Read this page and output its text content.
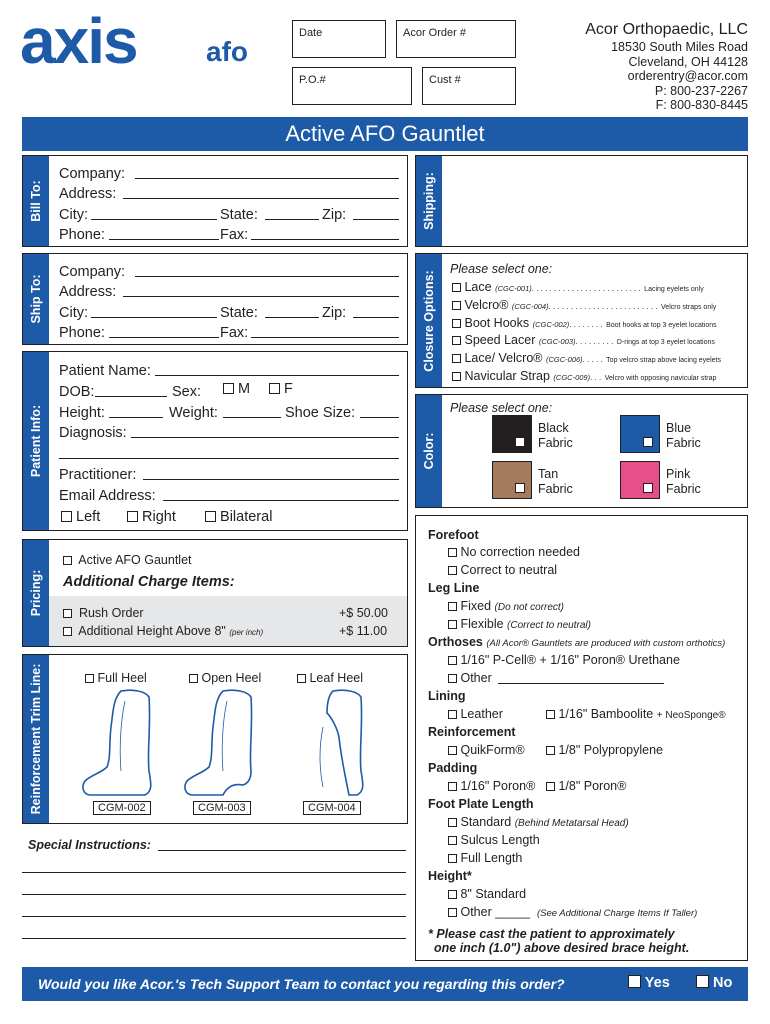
axis afo
Date	Acor Order #
P.O.#	Cust #
Acor Orthopaedic, LLC
18530 South Miles Road
Cleveland, OH 44128
orderentry@acor.com
P: 800-237-2267
F: 800-830-8445
Active AFO Gauntlet
Bill To:
Company:
Address:
City:	State:	Zip:
Phone:	Fax:
Shipping:
Ship To:
Company:
Address:
City:	State:	Zip:
Phone:	Fax:	Closure Options:
Please select one:
Lace (CGC-001). . . . . . . . . . . . . . . . . . . . . . . . . Lacing eyelets only
Velcro® (CGC-004). . . . . . . . . . . . . . . . . . . . . . . . . Velcro straps only
Boot Hooks (CGC-002). . . . . . . . Boot hooks at top 3 eyelet locations
Speed Lacer (CGC-003). . . . . . . . . D-rings at top 3 eyelet locations
Lace/ Velcro® (CGC-006). . . . . Top velcro strap above lacing eyelets
Navicular Strap (CGC-009). . . Velcro with opposing navicular strap
Patient Info:
Patient Name:
DOB:	Sex:	M	F
Height:	Weight:	Shoe Size:
Diagnosis:
Practitioner:
Email Address:
Left	Right	Bilateral
Color:
Please select one:
Black
Fabric
Blue
Fabric
Tan
Fabric
Pink
Fabric
Pricing:
Active AFO Gauntlet
Additional Charge Items:
Rush Order	+$ 50.00
Additional Height Above 8" (per inch)	+$ 11.00
Reinforcement Trim Line:	Full Heel	Open Heel	Leaf Heel
CGM-002	CGM-003	CGM-004
Special Instructions:
Forefoot
No correction needed
Correct to neutral
Leg Line
Fixed (Do not correct)
Flexible (Correct to neutral)
Orthoses (All Acor® Gauntlets are produced with custom orthotics)
1/16" P-Cell® + 1/16" Poron® Urethane
Other
Lining
Leather	1/16" Bamboolite + NeoSponge®
Reinforcement
QuikForm®	1/8" Polypropylene
Padding
1/16" Poron®	1/8" Poron®
Foot Plate Length
Standard (Behind Metatarsal Head)
Sulcus Length
Full Length
Height*
8" Standard
Other _____ (See Additional Charge Items If Taller)
* Please cast the patient to approximately
one inch (1.0") above desired brace height.
Would you like Acor.'s Tech Support Team to contact you regarding this order?	Yes	No
